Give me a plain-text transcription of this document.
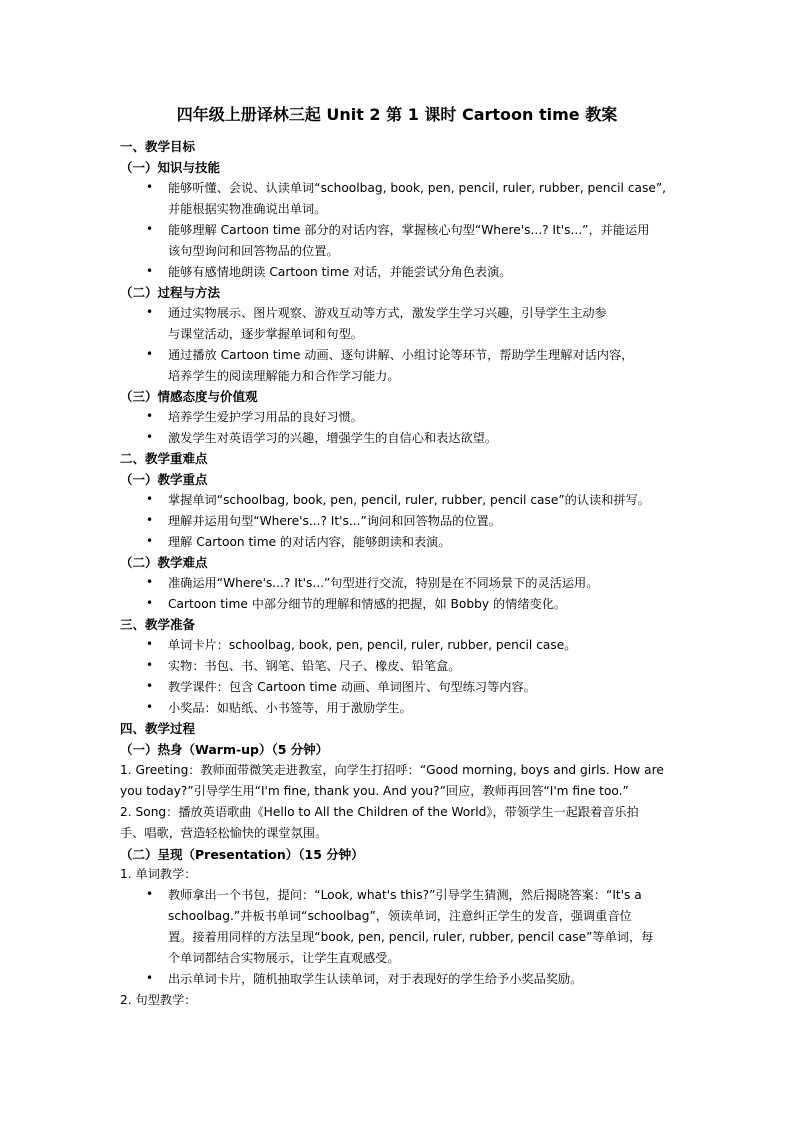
四年级上册译林三起 Unit 2 第 1 课时 Cartoon time 教案
一、教学目标
（一）知识与技能
• 能够听懂、会说、认读单词“schoolbag, book, pen, pencil, ruler, rubber, pencil case”,
并能根据实物准确说出单词。
• 能够理解 Cartoon time 部分的对话内容，掌握核心句型“Where's...? It's...”，并能运用
该句型询问和回答物品的位置。
• 能够有感情地朗读 Cartoon time 对话，并能尝试分角色表演。
（二）过程与方法
• 通过实物展示、图片观察、游戏互动等方式，激发学生学习兴趣，引导学生主动参
与课堂活动，逐步掌握单词和句型。
• 通过播放 Cartoon time 动画、逐句讲解、小组讨论等环节，帮助学生理解对话内容，
培养学生的阅读理解能力和合作学习能力。
（三）情感态度与价值观
• 培养学生爱护学习用品的良好习惯。
• 激发学生对英语学习的兴趣，增强学生的自信心和表达欲望。
二、教学重难点
（一）教学重点
• 掌握单词“schoolbag, book, pen, pencil, ruler, rubber, pencil case”的认读和拼写。
• 理解并运用句型“Where's...? It's...”询问和回答物品的位置。
• 理解 Cartoon time 的对话内容，能够朗读和表演。
（二）教学难点
• 准确运用“Where's...? It's...”句型进行交流，特别是在不同场景下的灵活运用。
• Cartoon time 中部分细节的理解和情感的把握，如 Bobby 的情绪变化。
三、教学准备
• 单词卡片：schoolbag, book, pen, pencil, ruler, rubber, pencil case。
• 实物：书包、书、钢笔、铅笔、尺子、橡皮、铅笔盒。
• 教学课件：包含 Cartoon time 动画、单词图片、句型练习等内容。
• 小奖品：如贴纸、小书签等，用于激励学生。
四、教学过程
（一）热身（Warm-up）（5 分钟）
1. Greeting：教师面带微笑走进教室，向学生打招呼：“Good morning, boys and girls. How are
you today?”引导学生用“I'm fine, thank you. And you?”回应，教师再回答“I'm fine too.”
2. Song：播放英语歌曲《Hello to All the Children of the World》，带领学生一起跟着音乐拍
手、唱歌，营造轻松愉快的课堂氛围。
（二）呈现（Presentation）（15 分钟）
1. 单词教学：
• 教师拿出一个书包，提问：“Look, what's this?”引导学生猜测，然后揭晓答案：“It's a
schoolbag.”并板书单词“schoolbag”，领读单词，注意纠正学生的发音，强调重音位
置。接着用同样的方法呈现“book, pen, pencil, ruler, rubber, pencil case”等单词，每
个单词都结合实物展示，让学生直观感受。
• 出示单词卡片，随机抽取学生认读单词，对于表现好的学生给予小奖品奖励。
2. 句型教学：
